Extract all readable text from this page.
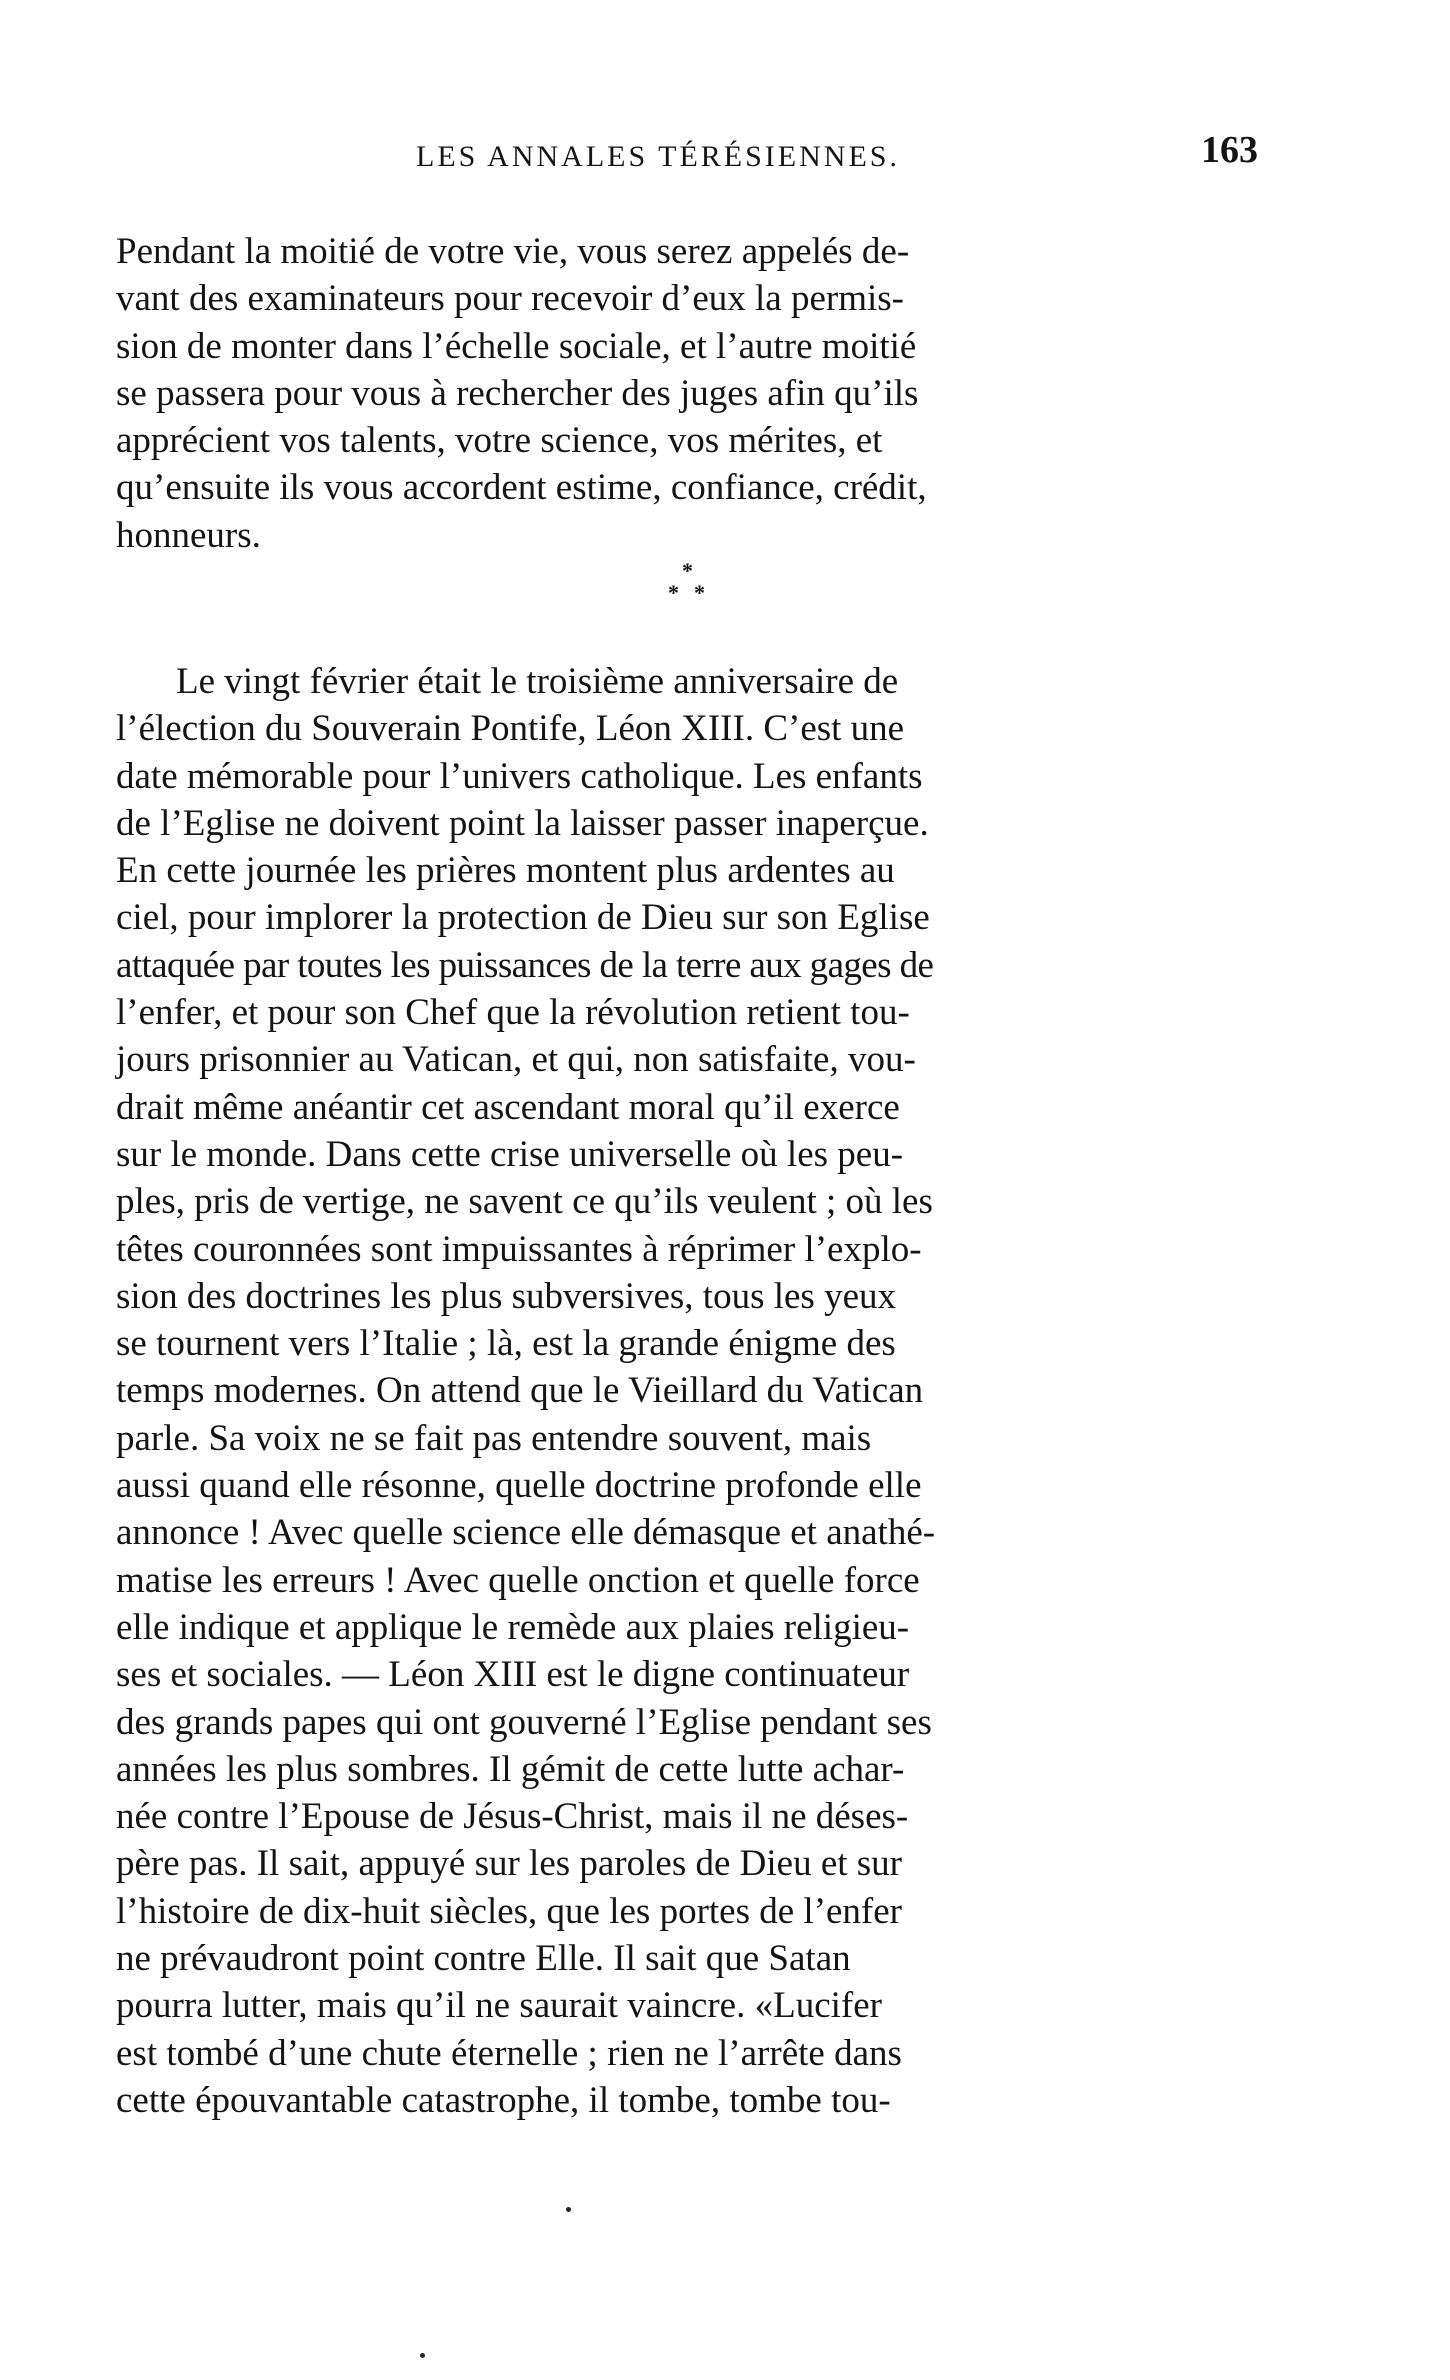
LES ANNALES TÉRÉSIENNES.	163
Pendant la moitié de votre vie, vous serez appelés de-
vant des examinateurs pour recevoir d’eux la permis-
sion de monter dans l’échelle sociale, et l’autre moitié
se passera pour vous à rechercher des juges afin qu’ils
apprécient vos talents, votre science, vos mérites, et
qu’ensuite ils vous accordent estime, confiance, crédit,
honneurs.
*
* *
Le vingt février était le troisième anniversaire de
l’élection du Souverain Pontife, Léon XIII. C’est une
date mémorable pour l’univers catholique. Les enfants
de l’Eglise ne doivent point la laisser passer inaperçue.
En cette journée les prières montent plus ardentes au
ciel, pour implorer la protection de Dieu sur son Eglise
attaquée par toutes les puissances de la terre aux gages de
l’enfer, et pour son Chef que la révolution retient tou-
jours prisonnier au Vatican, et qui, non satisfaite, vou-
drait même anéantir cet ascendant moral qu’il exerce
sur le monde. Dans cette crise universelle où les peu-
ples, pris de vertige, ne savent ce qu’ils veulent ; où les
têtes couronnées sont impuissantes à réprimer l’explo-
sion des doctrines les plus subversives, tous les yeux
se tournent vers l’Italie ; là, est la grande énigme des
temps modernes. On attend que le Vieillard du Vatican
parle. Sa voix ne se fait pas entendre souvent, mais
aussi quand elle résonne, quelle doctrine profonde elle
annonce ! Avec quelle science elle démasque et anathé-
matise les erreurs ! Avec quelle onction et quelle force
elle indique et applique le remède aux plaies religieu-
ses et sociales. — Léon XIII est le digne continuateur
des grands papes qui ont gouverné l’Eglise pendant ses
années les plus sombres. Il gémit de cette lutte achar-
née contre l’Epouse de Jésus-Christ, mais il ne déses-
père pas. Il sait, appuyé sur les paroles de Dieu et sur
l’histoire de dix-huit siècles, que les portes de l’enfer
ne prévaudront point contre Elle. Il sait que Satan
pourra lutter, mais qu’il ne saurait vaincre. «Lucifer
est tombé d’une chute éternelle ; rien ne l’arrête dans
cette épouvantable catastrophe, il tombe, tombe tou-
